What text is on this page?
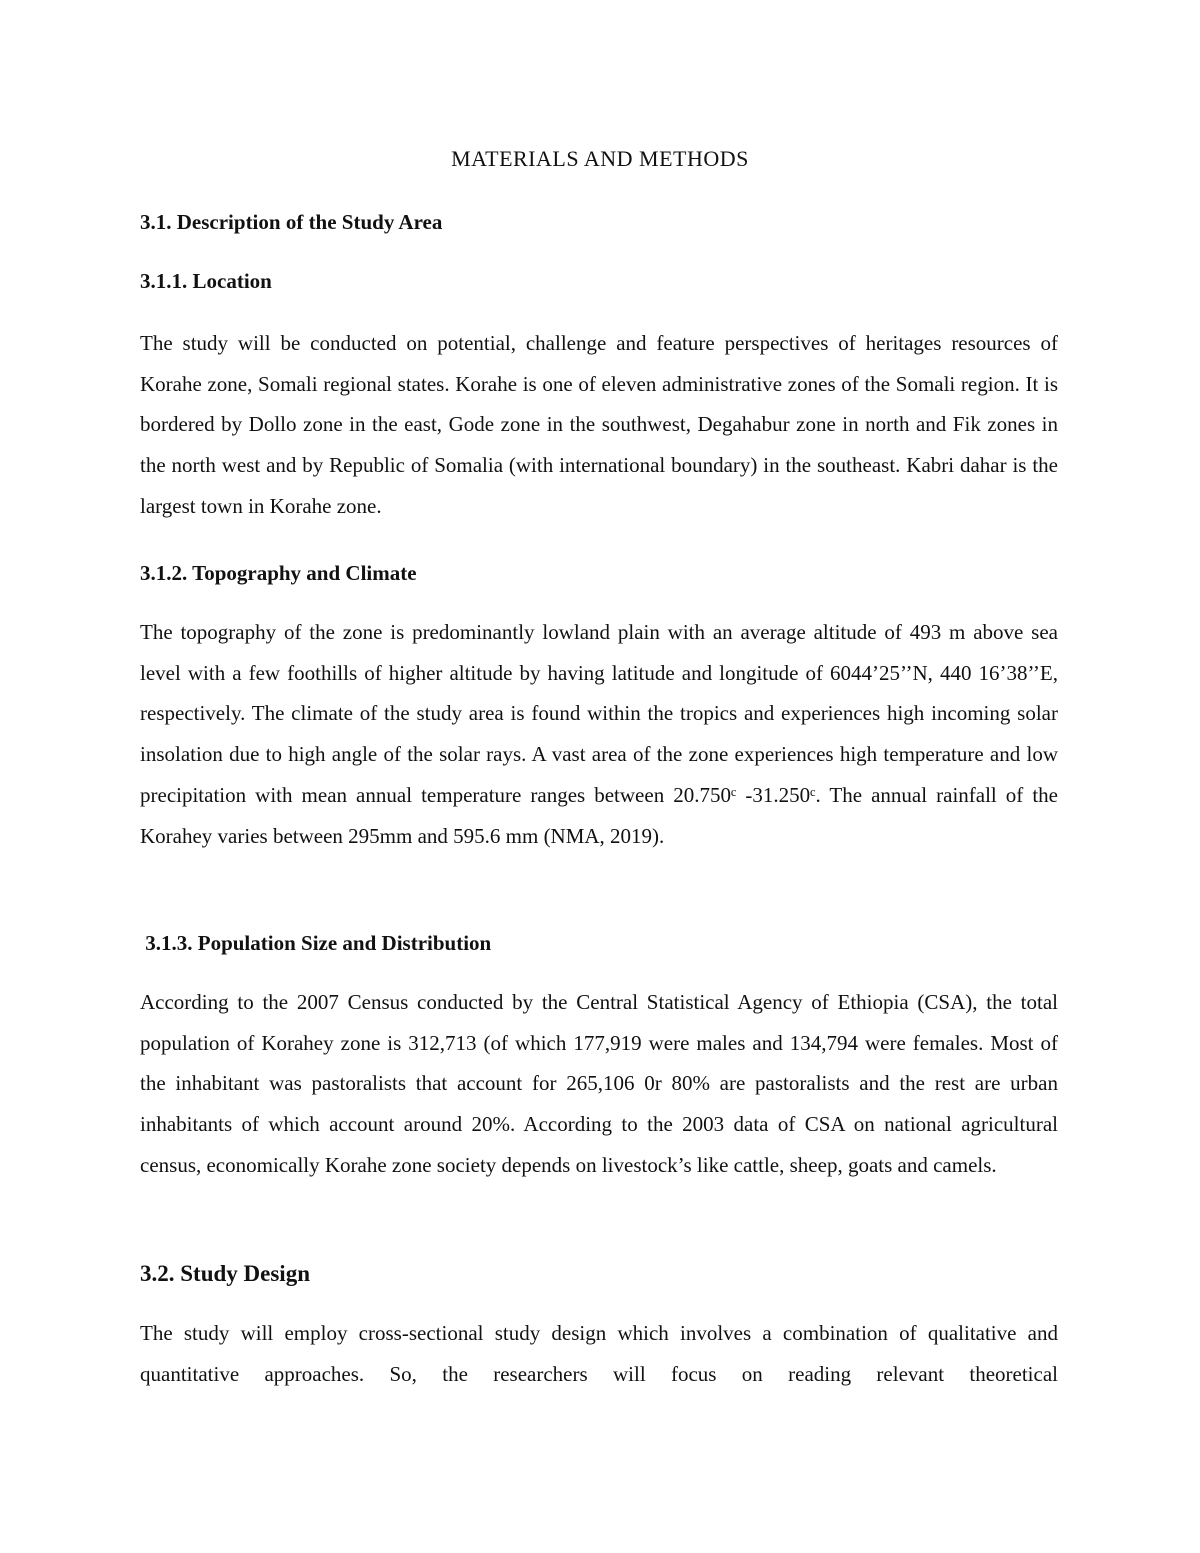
MATERIALS AND METHODS
3.1. Description of the Study Area
3.1.1. Location

The study will be conducted on potential, challenge and feature perspectives of heritages resources of Korahe zone, Somali regional states. Korahe is one of eleven administrative zones of the Somali region. It is bordered by Dollo zone in the east, Gode zone in the southwest, Degahabur zone in north and Fik zones in the north west and by Republic of Somalia (with international boundary) in the southeast. Kabri dahar is the largest town in Korahe zone.

3.1.2. Topography and Climate

The topography of the zone is predominantly lowland plain with an average altitude of 493 m above sea level with a few foothills of higher altitude by having latitude and longitude of 6044’25’’N, 440 16’38’’E, respectively. The climate of the study area is found within the tropics and experiences high incoming solar insolation due to high angle of the solar rays. A vast area of the zone experiences high temperature and low precipitation with mean annual temperature ranges between 20.750ᶜ -31.250ᶜ. The annual rainfall of the Korahey varies between 295mm and 595.6 mm (NMA, 2019).

3.1.3. Population Size and Distribution

According to the 2007 Census conducted by the Central Statistical Agency of Ethiopia (CSA), the total population of Korahey zone is 312,713 (of which 177,919 were males and 134,794 were females. Most of the inhabitant was pastoralists that account for 265,106 0r 80% are pastoralists and the rest are urban inhabitants of which account around 20%. According to the 2003 data of CSA on national agricultural census, economically Korahe zone society depends on livestock’s like cattle, sheep, goats and camels.

3.2. Study Design

The study will employ cross-sectional study design which involves a combination of qualitative and quantitative approaches. So, the researchers will focus on reading relevant theoretical
